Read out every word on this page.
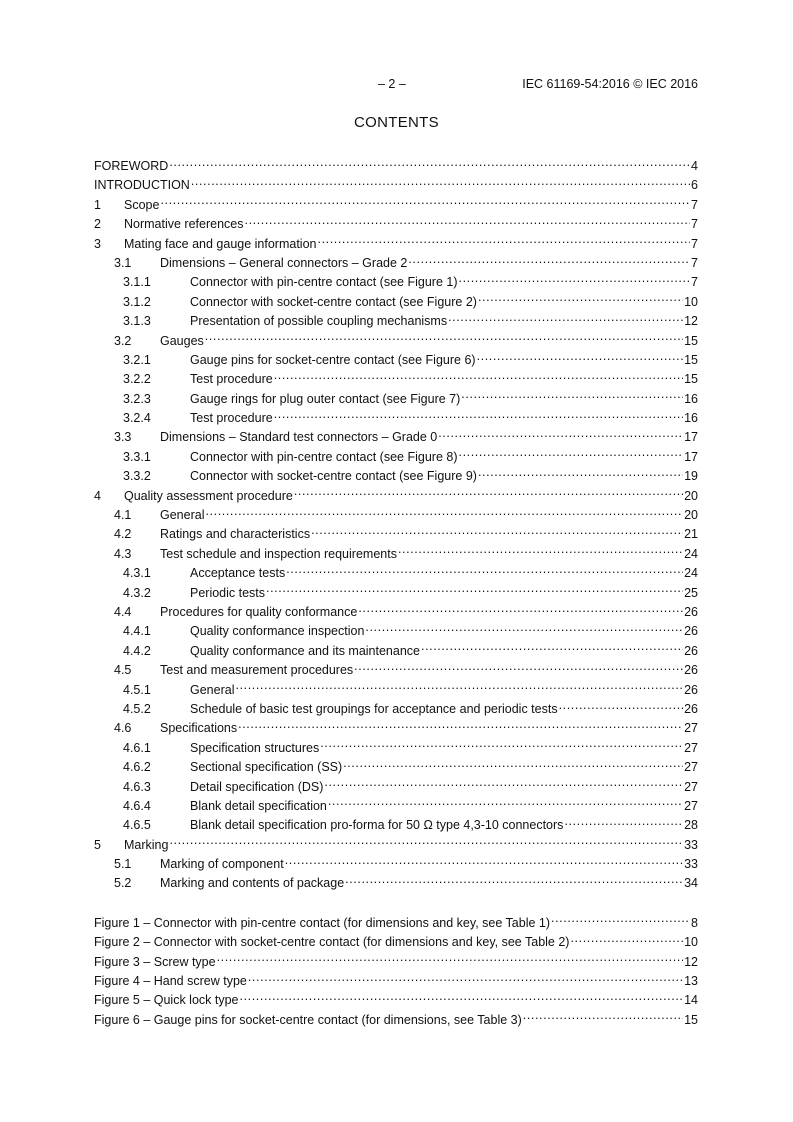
– 2 –	IEC 61169-54:2016 © IEC 2016
CONTENTS
FOREWORD .....	4
INTRODUCTION .....	6
1	Scope .....	7
2	Normative references .....	7
3	Mating face and gauge information .....	7
3.1	Dimensions – General connectors – Grade 2 .....	7
3.1.1	Connector with pin-centre contact (see Figure 1) .....	7
3.1.2	Connector with socket-centre contact (see Figure 2) .....	10
3.1.3	Presentation of possible coupling mechanisms .....	12
3.2	Gauges .....	15
3.2.1	Gauge pins for socket-centre contact (see Figure 6) .....	15
3.2.2	Test procedure .....	15
3.2.3	Gauge rings for plug outer contact (see Figure 7) .....	16
3.2.4	Test procedure .....	16
3.3	Dimensions – Standard test connectors – Grade 0 .....	17
3.3.1	Connector with pin-centre contact (see Figure 8) .....	17
3.3.2	Connector with socket-centre contact (see Figure 9) .....	19
4	Quality assessment procedure .....	20
4.1	General .....	20
4.2	Ratings and characteristics .....	21
4.3	Test schedule and inspection requirements .....	24
4.3.1	Acceptance tests .....	24
4.3.2	Periodic tests .....	25
4.4	Procedures for quality conformance .....	26
4.4.1	Quality conformance inspection .....	26
4.4.2	Quality conformance and its maintenance .....	26
4.5	Test and measurement procedures .....	26
4.5.1	General .....	26
4.5.2	Schedule of basic test groupings for acceptance and periodic tests .....	26
4.6	Specifications .....	27
4.6.1	Specification structures .....	27
4.6.2	Sectional specification (SS) .....	27
4.6.3	Detail specification (DS) .....	27
4.6.4	Blank detail specification .....	27
4.6.5	Blank detail specification pro-forma for 50 Ω type 4,3-10 connectors .....	28
5	Marking .....	33
5.1	Marking of component .....	33
5.2	Marking and contents of package .....	34
Figure 1 – Connector with pin-centre contact (for dimensions and key, see Table 1) .....	8
Figure 2 – Connector with socket-centre contact (for dimensions and key, see Table 2) .....	10
Figure 3 – Screw type .....	12
Figure 4 – Hand screw type .....	13
Figure 5 – Quick lock type .....	14
Figure 6 – Gauge pins for socket-centre contact (for dimensions, see Table 3) .....	15
